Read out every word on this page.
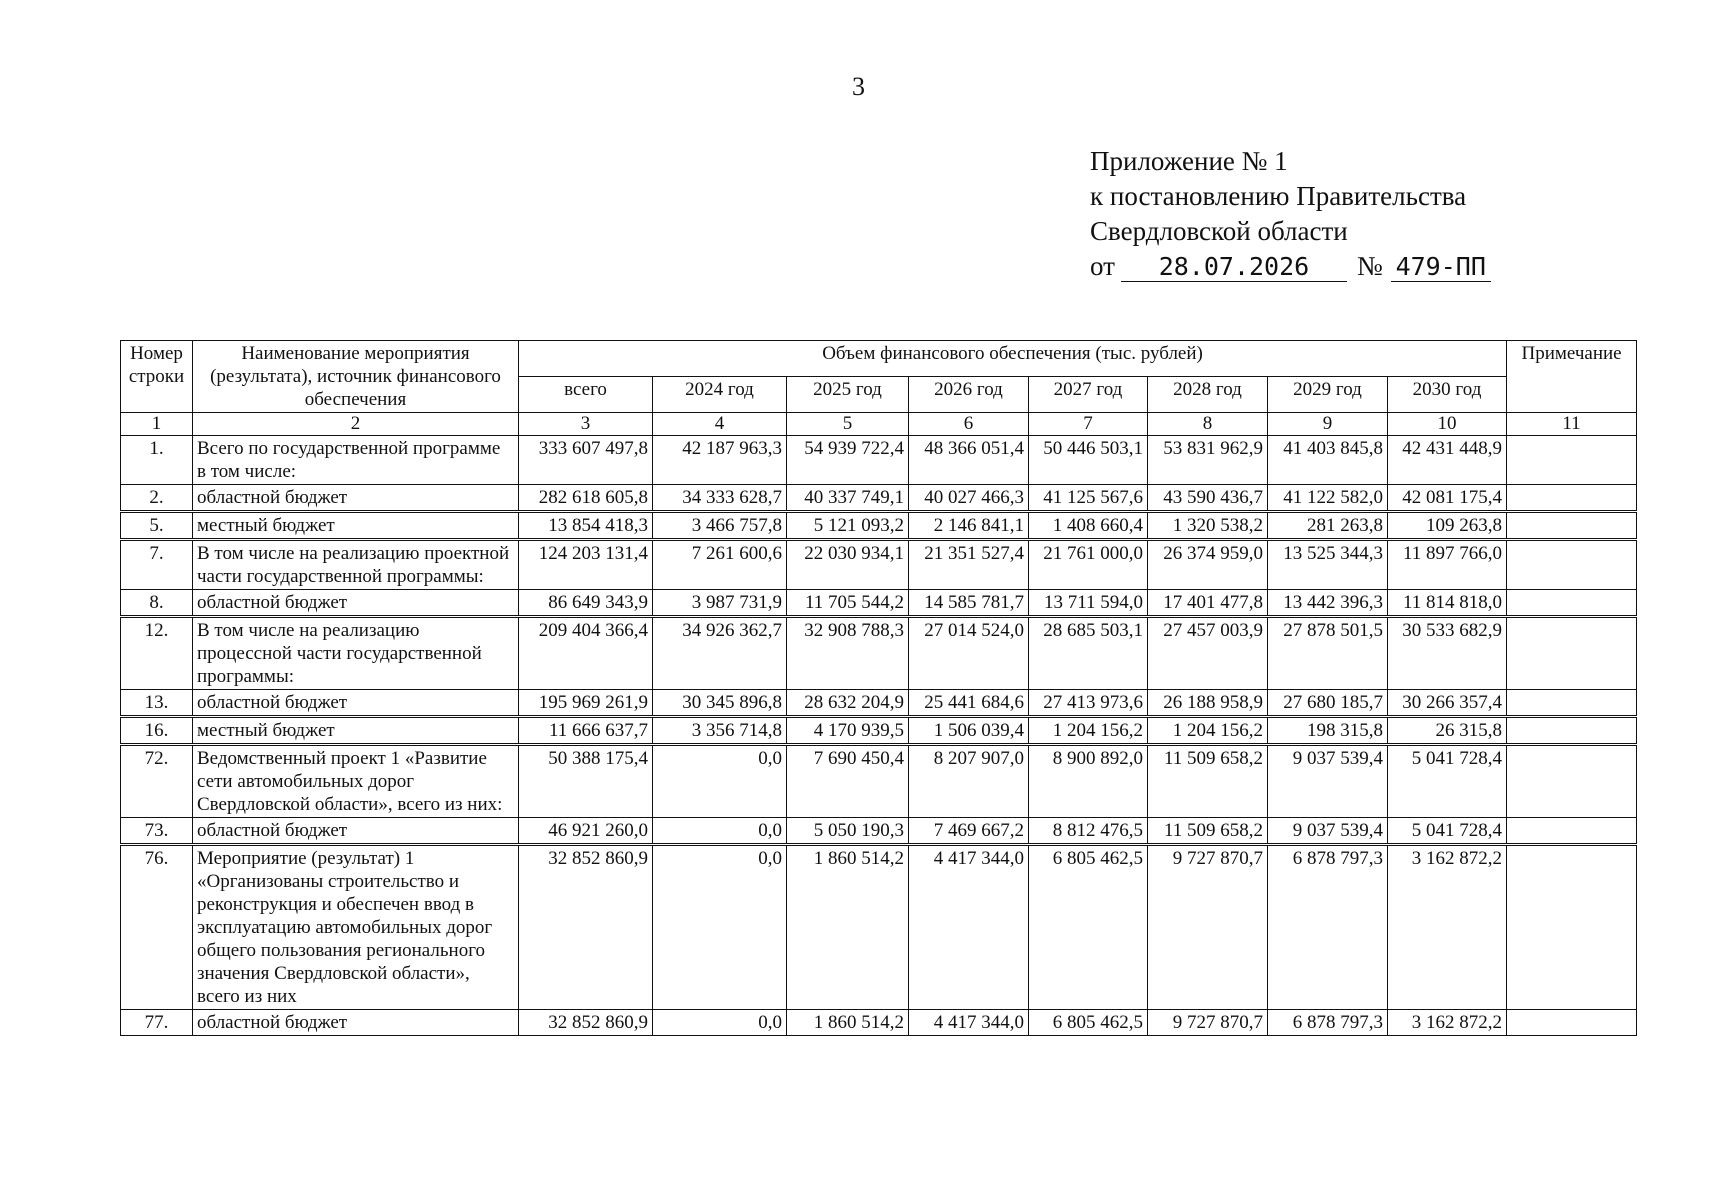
3
Приложение № 1
к постановлению Правительства
Свердловской области
от 28.07.2026 № 479-ПП
Номер строки	Наименование мероприятия (результата), источник финансового обеспечения	Объем финансового обеспечения (тыс. рублей)								Примечание
		всего	2024 год	2025 год	2026 год	2027 год	2028 год	2029 год	2030 год	
1	2	3	4	5	6	7	8	9	10	11
1.	Всего по государственной программе в том числе:	333 607 497,8	42 187 963,3	54 939 722,4	48 366 051,4	50 446 503,1	53 831 962,9	41 403 845,8	42 431 448,9	
2.	областной бюджет	282 618 605,8	34 333 628,7	40 337 749,1	40 027 466,3	41 125 567,6	43 590 436,7	41 122 582,0	42 081 175,4	
5.	местный бюджет	13 854 418,3	3 466 757,8	5 121 093,2	2 146 841,1	1 408 660,4	1 320 538,2	281 263,8	109 263,8	
7.	В том числе на реализацию проектной части государственной программы:	124 203 131,4	7 261 600,6	22 030 934,1	21 351 527,4	21 761 000,0	26 374 959,0	13 525 344,3	11 897 766,0	
8.	областной бюджет	86 649 343,9	3 987 731,9	11 705 544,2	14 585 781,7	13 711 594,0	17 401 477,8	13 442 396,3	11 814 818,0	
12.	В том числе на реализацию процессной части государственной программы:	209 404 366,4	34 926 362,7	32 908 788,3	27 014 524,0	28 685 503,1	27 457 003,9	27 878 501,5	30 533 682,9	
13.	областной бюджет	195 969 261,9	30 345 896,8	28 632 204,9	25 441 684,6	27 413 973,6	26 188 958,9	27 680 185,7	30 266 357,4	
16.	местный бюджет	11 666 637,7	3 356 714,8	4 170 939,5	1 506 039,4	1 204 156,2	1 204 156,2	198 315,8	26 315,8	
72.	Ведомственный проект 1 «Развитие сети автомобильных дорог Свердловской области», всего из них:	50 388 175,4	0,0	7 690 450,4	8 207 907,0	8 900 892,0	11 509 658,2	9 037 539,4	5 041 728,4	
73.	областной бюджет	46 921 260,0	0,0	5 050 190,3	7 469 667,2	8 812 476,5	11 509 658,2	9 037 539,4	5 041 728,4	
76.	Мероприятие (результат) 1 «Организованы строительство и реконструкция и обеспечен ввод в эксплуатацию автомобильных дорог общего пользования регионального значения Свердловской области», всего из них	32 852 860,9	0,0	1 860 514,2	4 417 344,0	6 805 462,5	9 727 870,7	6 878 797,3	3 162 872,2	
77.	областной бюджет	32 852 860,9	0,0	1 860 514,2	4 417 344,0	6 805 462,5	9 727 870,7	6 878 797,3	3 162 872,2	
